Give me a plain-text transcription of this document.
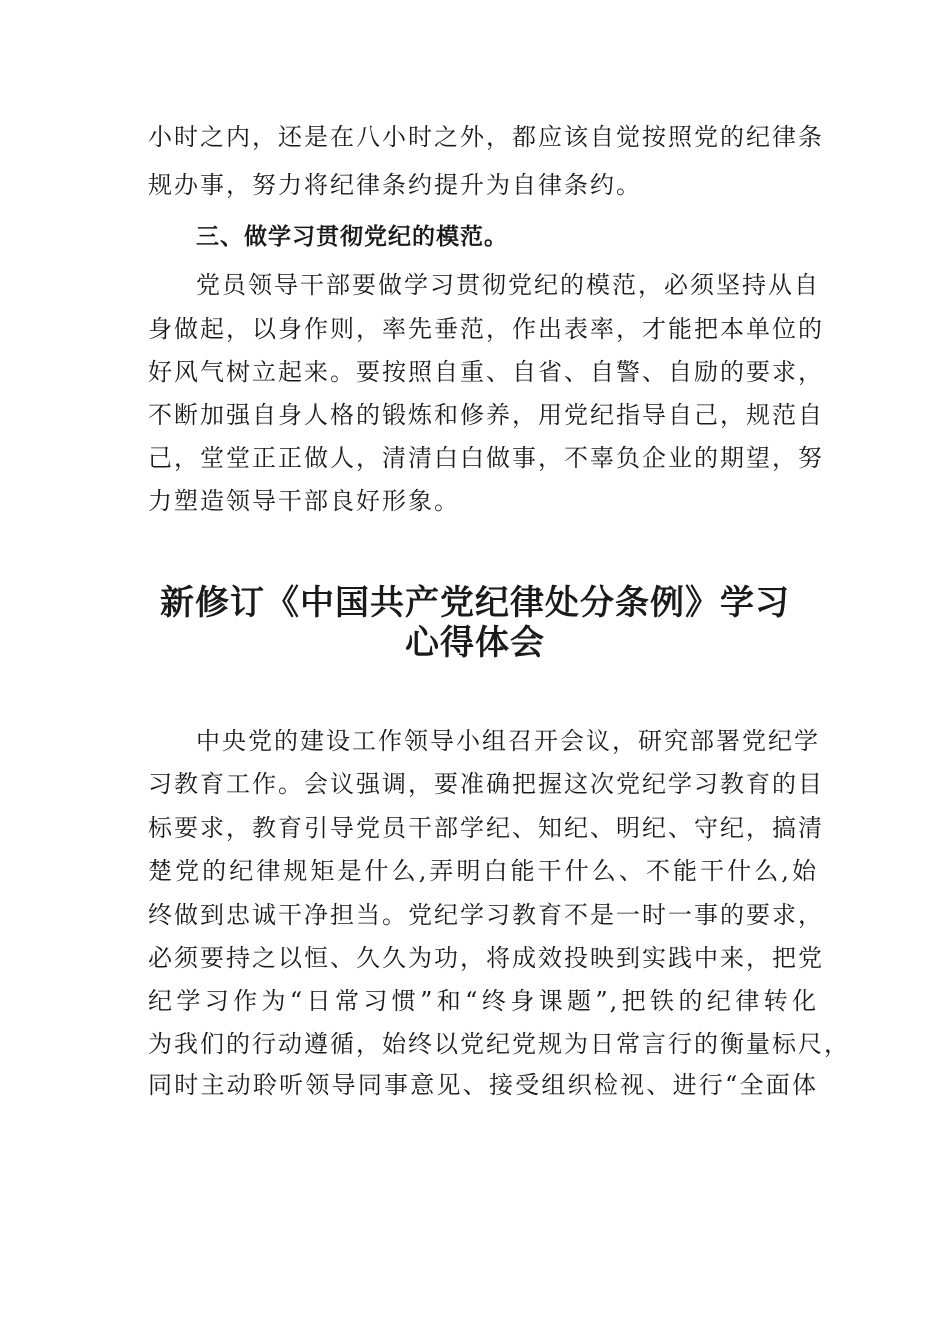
小时之内，还是在八小时之外，都应该自觉按照党的纪律条
规办事，努力将纪律条约提升为自律条约。
三、做学习贯彻党纪的模范。
党员领导干部要做学习贯彻党纪的模范，必须坚持从自
身做起，以身作则，率先垂范，作出表率，才能把本单位的
好风气树立起来。要按照自重、自省、自警、自励的要求，
不断加强自身人格的锻炼和修养，用党纪指导自己，规范自
己，堂堂正正做人，清清白白做事，不辜负企业的期望，努
力塑造领导干部良好形象。
新修订《中国共产党纪律处分条例》学习
心得体会
中央党的建设工作领导小组召开会议，研究部署党纪学
习教育工作。会议强调，要准确把握这次党纪学习教育的目
标要求，教育引导党员干部学纪、知纪、明纪、守纪，搞清
楚党的纪律规矩是什么,弄明白能干什么、不能干什么,始
终做到忠诚干净担当。党纪学习教育不是一时一事的要求，
必须要持之以恒、久久为功，将成效投映到实践中来，把党
纪学习作为“日常习惯”和“终身课题”,把铁的纪律转化
为我们的行动遵循，始终以党纪党规为日常言行的衡量标尺，
同时主动聆听领导同事意见、接受组织检视、进行“全面体
